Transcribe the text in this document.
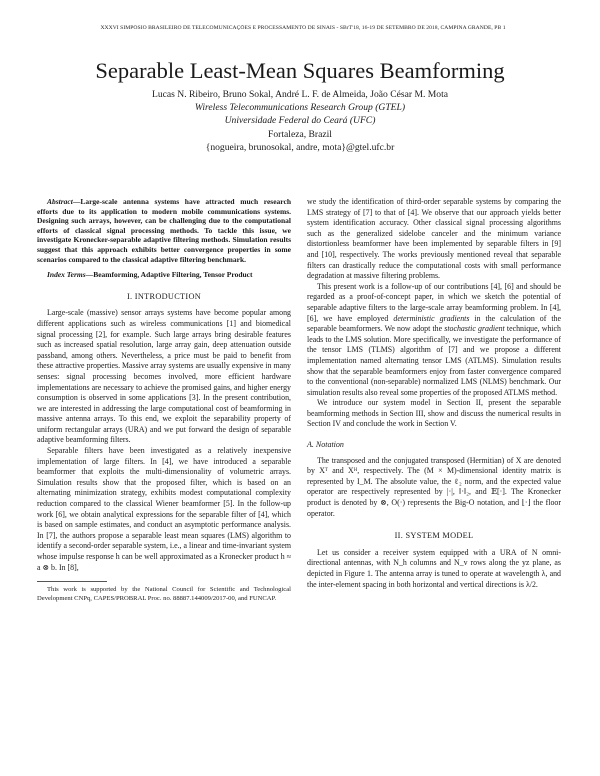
XXXVI SIMPÓSIO BRASILEIRO DE TELECOMUNICAÇÕES E PROCESSAMENTO DE SINAIS - SBrT'18, 16-19 DE SETEMBRO DE 2018, CAMPINA GRANDE, PB 1
Separable Least-Mean Squares Beamforming
Lucas N. Ribeiro, Bruno Sokal, André L. F. de Almeida, João César M. Mota
Wireless Telecommunications Research Group (GTEL)
Universidade Federal do Ceará (UFC)
Fortaleza, Brazil
{nogueira, brunosokal, andre, mota}@gtel.ufc.br

Abstract—Large-scale antenna systems have attracted much research efforts due to its application to modern mobile communications systems. Designing such arrays, however, can be challenging due to the computational efforts of classical signal processing methods. To tackle this issue, we investigate Kronecker-separable adaptive filtering methods. Simulation results suggest that this approach exhibits better convergence properties in some scenarios compared to the classical adaptive filtering benchmark.

Index Terms—Beamforming, Adaptive Filtering, Tensor Product

I. INTRODUCTION

Large-scale (massive) sensor arrays systems have become popular among different applications such as wireless communications [1] and biomedical signal processing [2], for example. Such large arrays bring desirable features such as increased spatial resolution, large array gain, deep attenuation outside passband, among others. Nevertheless, a price must be paid to benefit from these attractive properties. Massive array systems are usually expensive in many senses: signal processing becomes involved, more efficient hardware implementations are necessary to achieve the promised gains, and higher energy consumption is observed in some applications [3]. In the present contribution, we are interested in addressing the large computational cost of beamforming in massive antenna arrays. To this end, we exploit the separability property of uniform rectangular arrays (URA) and we put forward the design of separable adaptive beamforming filters.

Separable filters have been investigated as a relatively inexpensive implementation of large filters. In [4], we have introduced a separable beamformer that exploits the multi-dimensionality of volumetric arrays. Simulation results show that the proposed filter, which is based on an alternating minimization strategy, exhibits modest computational complexity reduction compared to the classical Wiener beamformer [5]. In the follow-up work [6], we obtain analytical expressions for the separable filter of [4], which is based on sample estimates, and conduct an asymptotic performance analysis. In [7], the authors propose a separable least mean squares (LMS) algorithm to identify a second-order separable system, i.e., a linear and time-invariant system whose impulse response h can be well approximated as a Kronecker product h ≈ a ⊗ b. In [8],

This work is supported by the National Council for Scientific and Technological Development CNPq, CAPES/PROBRAL Proc. no. 88887.144009/2017-00, and FUNCAP.

we study the identification of third-order separable systems by comparing the LMS strategy of [7] to that of [4]. We observe that our approach yields better system identification accuracy. Other classical signal processing algorithms such as the generalized sidelobe canceler and the minimum variance distortionless beamformer have been implemented by separable filters in [9] and [10], respectively. The works previously mentioned reveal that separable filters can drastically reduce the computational costs with small performance degradation at massive filtering problems.

This present work is a follow-up of our contributions [4], [6] and should be regarded as a proof-of-concept paper, in which we sketch the potential of separable adaptive filters to the large-scale array beamforming problem. In [4], [6], we have employed deterministic gradients in the calculation of the separable beamformers. We now adopt the stochastic gradient technique, which leads to the LMS solution. More specifically, we investigate the performance of the tensor LMS (TLMS) algorithm of [7] and we propose a different implementation named alternating tensor LMS (ATLMS). Simulation results show that the separable beamformers enjoy from faster convergence compared to the conventional (non-separable) normalized LMS (NLMS) benchmark. Our simulation results also reveal some properties of the proposed ATLMS method.

We introduce our system model in Section II, present the separable beamforming methods in Section III, show and discuss the numerical results in Section IV and conclude the work in Section V.

A. Notation

The transposed and the conjugated transposed (Hermitian) of X are denoted by Xᵀ and Xᴴ, respectively. The (M × M)-dimensional identity matrix is represented by I_M. The absolute value, the ℓ₂ norm, and the expected value operator are respectively represented by |·|, ‖·‖₂, and 𝔼[·]. The Kronecker product is denoted by ⊗, O(·) represents the Big-O notation, and ⌊·⌋ the floor operator.

II. SYSTEM MODEL

Let us consider a receiver system equipped with a URA of N omni-directional antennas, with N_h columns and N_v rows along the yz plane, as depicted in Figure 1. The antenna array is tuned to operate at wavelength λ, and the inter-element spacing in both horizontal and vertical directions is λ/2.
